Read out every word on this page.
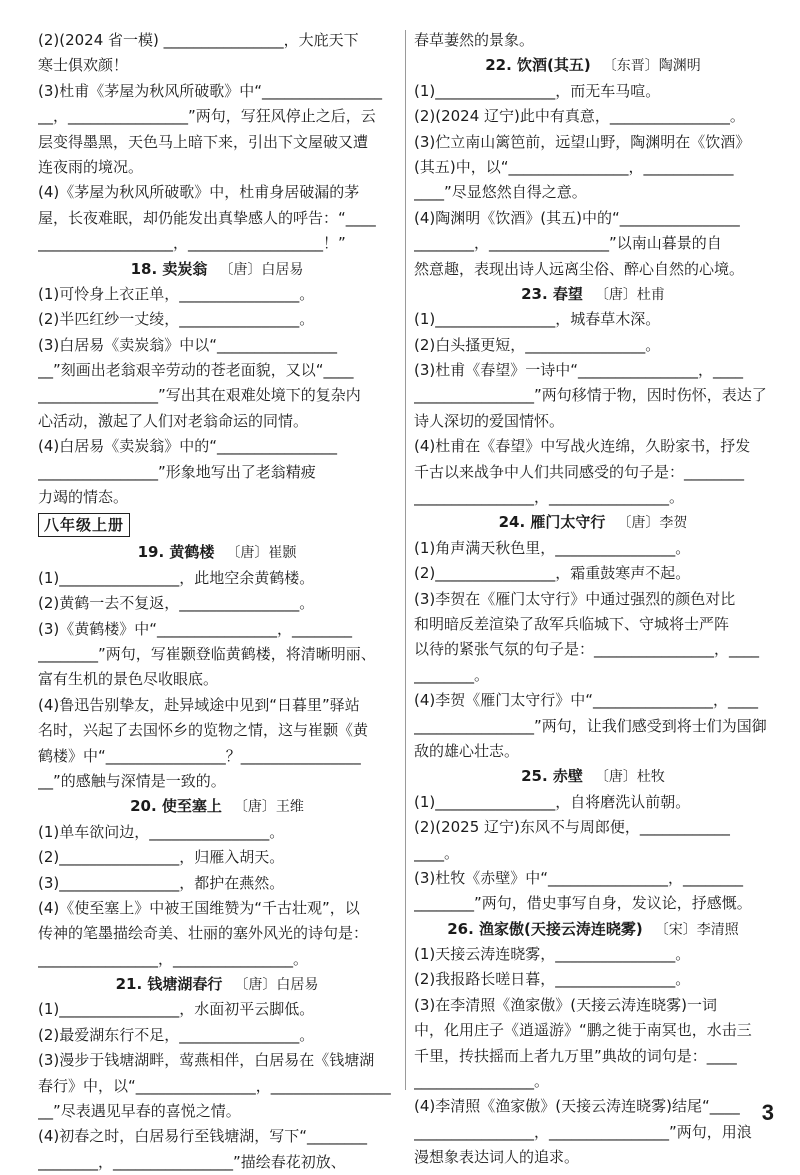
(2)(2024 省一模) ________________，大庇天下
寒士俱欢颜！
(3)杜甫《茅屋为秋风所破歌》中“________________
__，________________”两句，写狂风停止之后，云
层变得墨黑，天色马上暗下来，引出下文屋破又遭
连夜雨的境况。
(4)《茅屋为秋风所破歌》中，杜甫身居破漏的茅
屋，长夜难眠，却仍能发出真挚感人的呼告：“____
__________________，__________________！”
18. 卖炭翁 〔唐〕白居易
(1)可怜身上衣正单，________________。
(2)半匹红纱一丈绫，________________。
(3)白居易《卖炭翁》中以“________________
__”刻画出老翁艰辛劳动的苍老面貌，又以“____
________________”写出其在艰难处境下的复杂内
心活动，激起了人们对老翁命运的同情。
(4)白居易《卖炭翁》中的“________________
________________”形象地写出了老翁精疲
力竭的情态。
八年级上册
19. 黄鹤楼 〔唐〕崔颢
(1)________________，此地空余黄鹤楼。
(2)黄鹤一去不复返，________________。
(3)《黄鹤楼》中“________________，________
________”两句，写崔颢登临黄鹤楼，将清晰明丽、
富有生机的景色尽收眼底。
(4)鲁迅告别挚友，赴异域途中见到“日暮里”驿站
名时，兴起了去国怀乡的览物之情，这与崔颢《黄
鹤楼》中“________________？________________
__”的感触与深情是一致的。
20. 使至塞上 〔唐〕王维
(1)单车欲问边，________________。
(2)________________，归雁入胡天。
(3)________________，都护在燕然。
(4)《使至塞上》中被王国维赞为“千古壮观”，以
传神的笔墨描绘奇美、壮丽的塞外风光的诗句是：
________________，________________。
21. 钱塘湖春行 〔唐〕白居易
(1)________________，水面初平云脚低。
(2)最爱湖东行不足，________________。
(3)漫步于钱塘湖畔，莺燕相伴，白居易在《钱塘湖
春行》中，以“________________，________________
__”尽表遇见早春的喜悦之情。
(4)初春之时，白居易行至钱塘湖，写下“________
________，________________”描绘春花初放、
春草萋然的景象。
22. 饮酒(其五) 〔东晋〕陶渊明
(1)________________，而无车马喧。
(2)(2024 辽宁)此中有真意，________________。
(3)伫立南山篱笆前，远望山野，陶渊明在《饮酒》
(其五)中，以“________________，____________
____”尽显悠然自得之意。
(4)陶渊明《饮酒》(其五)中的“________________
________，________________”以南山暮景的自
然意趣，表现出诗人远离尘俗、醉心自然的心境。
23. 春望 〔唐〕杜甫
(1)________________，城春草木深。
(2)白头搔更短，________________。
(3)杜甫《春望》一诗中“________________，____
________________”两句移情于物，因时伤怀，表达了
诗人深切的爱国情怀。
(4)杜甫在《春望》中写战火连绵，久盼家书，抒发
千古以来战争中人们共同感受的句子是：________
________________，________________。
24. 雁门太守行 〔唐〕李贺
(1)角声满天秋色里，________________。
(2)________________，霜重鼓寒声不起。
(3)李贺在《雁门太守行》中通过强烈的颜色对比
和明暗反差渲染了敌军兵临城下、守城将士严阵
以待的紧张气氛的句子是：________________，____
________。
(4)李贺《雁门太守行》中“________________，____
________________”两句，让我们感受到将士们为国御
敌的雄心壮志。
25. 赤壁 〔唐〕杜牧
(1)________________，自将磨洗认前朝。
(2)(2025 辽宁)东风不与周郎便，____________
____。
(3)杜牧《赤壁》中“________________，________
________”两句，借史事写自身，发议论，抒感慨。
26. 渔家傲(天接云涛连晓雾) 〔宋〕李清照
(1)天接云涛连晓雾，________________。
(2)我报路长嗟日暮，________________。
(3)在李清照《渔家傲》(天接云涛连晓雾)一词
中，化用庄子《逍遥游》“鹏之徙于南冥也，水击三
千里，抟扶摇而上者九万里”典故的词句是：____
________________。
(4)李清照《渔家傲》(天接云涛连晓雾)结尾“____
________________，________________”两句，用浪
漫想象表达词人的追求。
3
